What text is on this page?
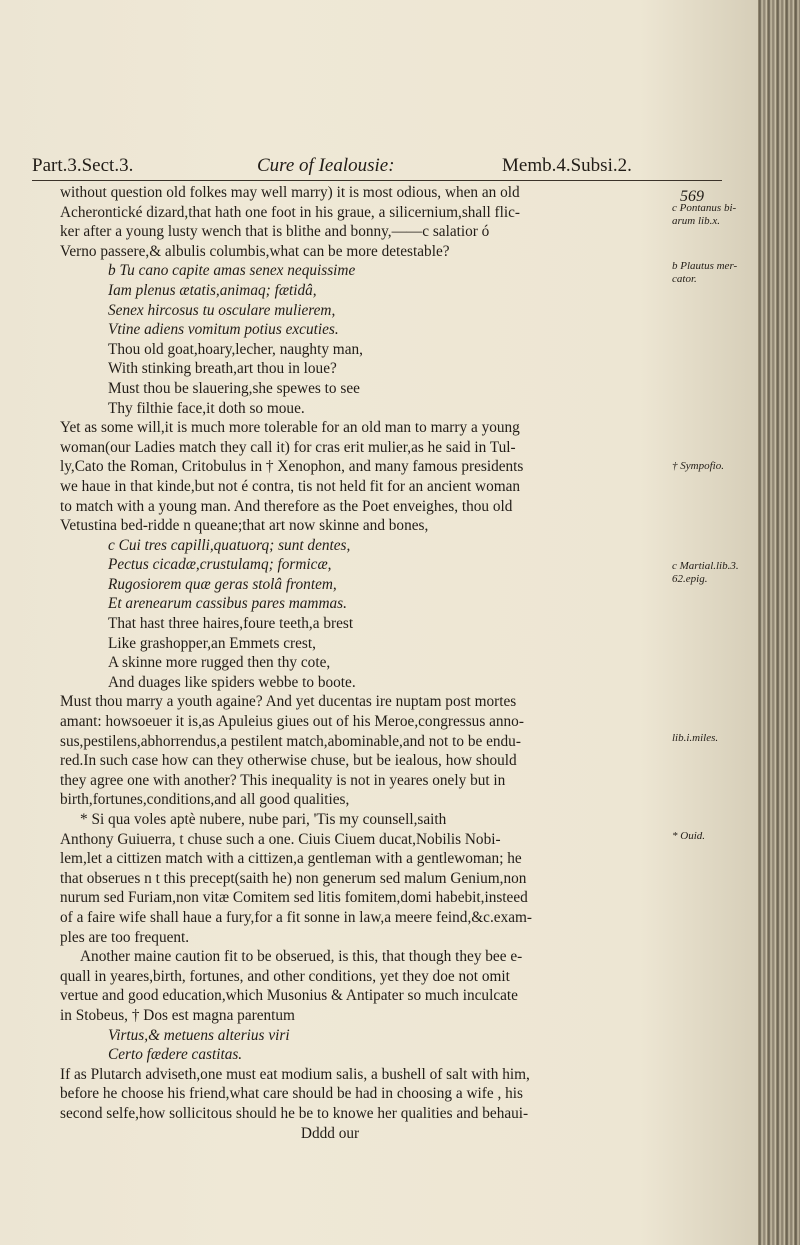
Part.3.Sect.3.	Cure of Iealousie:	Memb.4.Subsi.2.
569
without question old folkes may well marry) it is most odious, when an old
Acherontické dizard,that hath one foot in his graue, a silicernium,shall flic-
ker after a young lusty wench that is blithe and bonny,——c salatior ó
Verno passere,& albulis columbis,what can be more detestable?
b Tu cano capite amas senex nequissime
Iam plenus ætatis,animaq; fætidâ,
Senex hircosus tu osculare mulierem,
Vtine adiens vomitum potius excuties.
Thou old goat,hoary,lecher, naughty man,
With stinking breath,art thou in loue?
Must thou be slauering,she spewes to see
Thy filthie face,it doth so moue.
Yet as some will,it is much more tolerable for an old man to marry a young
woman(our Ladies match they call it) for cras erit mulier,as he said in Tul-
ly,Cato the Roman, Critobulus in † Xenophon, and many famous presidents
we haue in that kinde,but not é contra, tis not held fit for an ancient woman
to match with a young man. And therefore as the Poet enveighes, thou old
Vetustina bed-ridde n queane;that art now skinne and bones,
c Cui tres capilli,quatuorq; sunt dentes,
Pectus cicadæ,crustulamq; formicæ,
Rugosiorem quæ geras stolâ frontem,
Et arenearum cassibus pares mammas.
That hast three haires,foure teeth,a brest
Like grashopper,an Emmets crest,
A skinne more rugged then thy cote,
And duages like spiders webbe to boote.
Must thou marry a youth againe? And yet ducentas ire nuptam post mortes
amant: howsoeuer it is,as Apuleius giues out of his Meroe,congressus anno-
sus,pestilens,abhorrendus,a pestilent match,abominable,and not to be endu-
red.In such case how can they otherwise chuse, but be iealous, how should
they agree one with another? This inequality is not in yeares onely but in
birth,fortunes,conditions,and all good qualities,
* Si qua voles aptè nubere, nube pari, 'Tis my counsell,saith
Anthony Guiuerra, t chuse such a one. Ciuis Ciuem ducat,Nobilis Nobi-
lem,let a cittizen match with a cittizen,a gentleman with a gentlewoman; he
that obserues n t this precept(saith he) non generum sed malum Genium,non
nurum sed Furiam,non vitæ Comitem sed litis fomitem,domi habebit,insteed
of a faire wife shall haue a fury,for a fit sonne in law,a meere feind,&c.exam-
ples are too frequent.
Another maine caution fit to be obserued, is this, that though they bee e-
quall in yeares,birth, fortunes, and other conditions, yet they doe not omit
vertue and good education,which Musonius & Antipater so much inculcate
in Stobeus, † Dos est magna parentum
Virtus,& metuens alterius viri
Certo fædere castitas.
If as Plutarch adviseth,one must eat modium salis, a bushell of salt with him,
before he choose his friend,what care should be had in choosing a wife , his
second selfe,how sollicitous should he be to knowe her qualities and behaui-
Dddd our
c Pontanus bi-arum lib.x.
b Plautus mer-cator.
† Sympofio.
c Martial.lib.3. 62.epig.
lib.i.miles.
* Ouid.
